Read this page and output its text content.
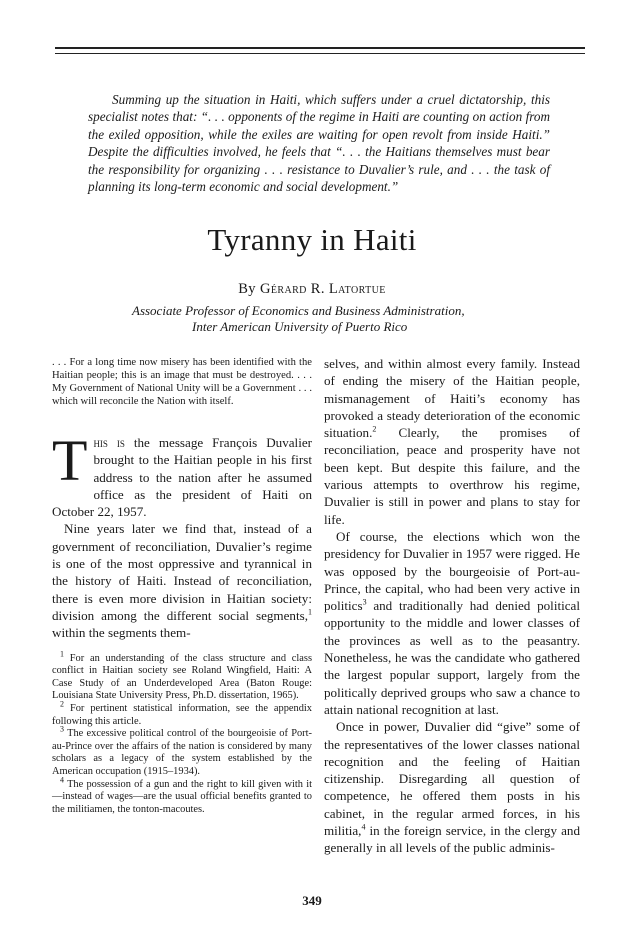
Summing up the situation in Haiti, which suffers under a cruel dictatorship, this specialist notes that: “. . . opponents of the regime in Haiti are counting on action from the exiled opposition, while the exiles are waiting for open revolt from inside Haiti.” Despite the difficulties involved, he feels that “. . . the Haitians themselves must bear the responsibility for organizing . . . resistance to Duvalier’s rule, and . . . the task of planning its long-term economic and social development.”

Tyranny in Haiti

By Gérard R. Latortue

Associate Professor of Economics and Business Administration,
Inter American University of Puerto Rico

. . . For a long time now misery has been identified with the Haitian people; this is an image that must be destroyed. . . . My Government of National Unity will be a Government . . . which will reconcile the Nation with itself.

This is the message François Duvalier brought to the Haitian people in his first address to the nation after he assumed office as the president of Haiti on October 22, 1957.

Nine years later we find that, instead of a government of reconciliation, Duvalier’s regime is one of the most oppressive and tyrannical in the history of Haiti. Instead of reconciliation, there is even more division in Haitian society: division among the different social segments,$^1$ within the segments them-

$^1$ For an understanding of the class structure and class conflict in Haitian society see Roland Wingfield, Haiti: A Case Study of an Underdeveloped Area (Baton Rouge: Louisiana State University Press, Ph.D. dissertation, 1965).

$^2$ For pertinent statistical information, see the appendix following this article.

$^3$ The excessive political control of the bourgeoisie of Port-au-Prince over the affairs of the nation is considered by many scholars as a legacy of the system established by the American occupation (1915–1934).

$^4$ The possession of a gun and the right to kill given with it—instead of wages—are the usual official benefits granted to the militiamen, the tonton-macoutes.

selves, and within almost every family. Instead of ending the misery of the Haitian people, mismanagement of Haiti’s economy has provoked a steady deterioration of the economic situation.$^2$ Clearly, the promises of reconciliation, peace and prosperity have not been kept. But despite this failure, and the various attempts to overthrow his regime, Duvalier is still in power and plans to stay for life.

Of course, the elections which won the presidency for Duvalier in 1957 were rigged. He was opposed by the bourgeoisie of Port-au-Prince, the capital, who had been very active in politics$^3$ and traditionally had denied political opportunity to the middle and lower classes of the provinces as well as to the peasantry. Nonetheless, he was the candidate who gathered the largest popular support, largely from the politically deprived groups who saw a chance to attain national recognition at last.

Once in power, Duvalier did “give” some of the representatives of the lower classes national recognition and the feeling of Haitian citizenship. Disregarding all question of competence, he offered them posts in his cabinet, in the regular armed forces, in his militia,$^4$ in the foreign service, in the clergy and generally in all levels of the public adminis-

349
